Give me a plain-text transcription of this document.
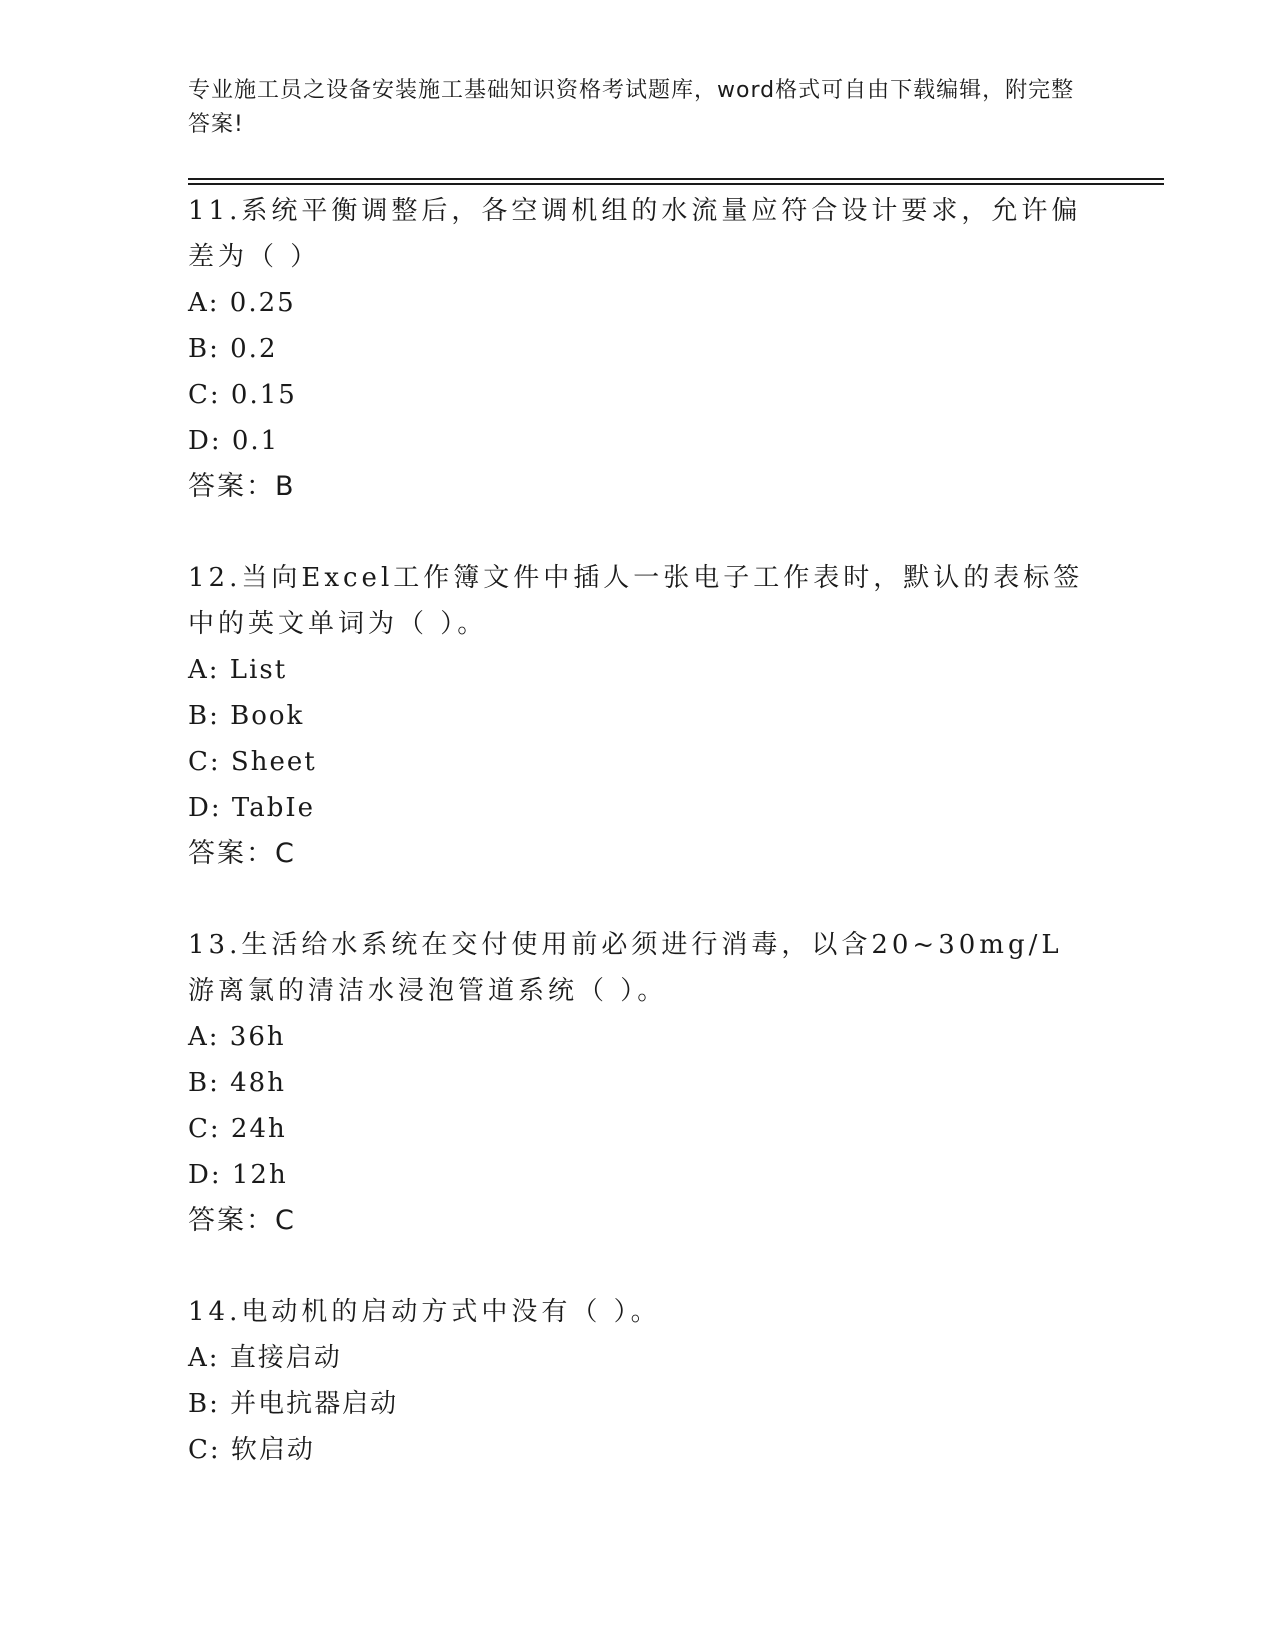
专业施工员之设备安装施工基础知识资格考试题库，word格式可自由下载编辑，附完整答案!

11.系统平衡调整后，各空调机组的水流量应符合设计要求，允许偏差为（ ）

A: 0.25
B: 0.2
C: 0.15
D: 0.1
答案：B

12.当向Excel工作簿文件中插人一张电子工作表时，默认的表标签中的英文单词为（ ）。

A: List
B: Book
C: Sheet
D: TabIe
答案：C

13.生活给水系统在交付使用前必须进行消毒，以含20~30mg/L游离氯的清洁水浸泡管道系统（ ）。

A: 36h
B: 48h
C: 24h
D: 12h
答案：C

14.电动机的启动方式中没有（ ）。

A: 直接启动
B: 并电抗器启动
C: 软启动
